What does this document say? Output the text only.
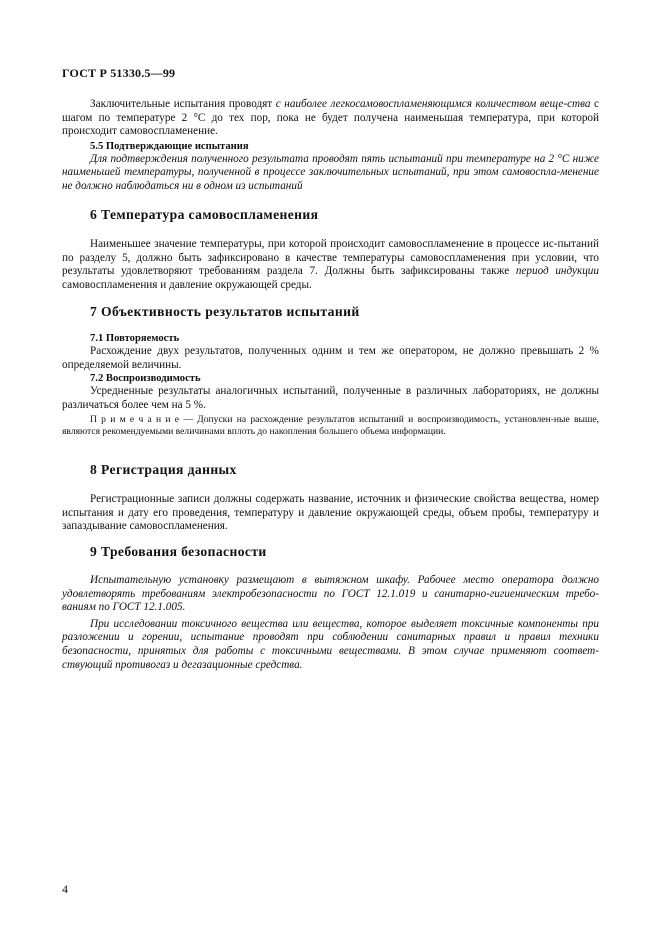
ГОСТ Р 51330.5—99

Заключительные испытания проводят с наиболее легкосамовоспламеняющимся количеством веще-ства с шагом по температуре 2 °С до тех пор, пока не будет получена наименьшая температура, при которой происходит самовоспламенение.

5.5 Подтверждающие испытания

Для подтверждения полученного результата проводят пять испытаний при температуре на 2 °С ниже наименьшей температуры, полученной в процессе заключительных испытаний, при этом самовоспла-менение не должно наблюдаться ни в одном из испытаний

6 Температура самовоспламенения

Наименьшее значение температуры, при которой происходит самовоспламенение в процессе ис-пытаний по разделу 5, должно быть зафиксировано в качестве температуры самовоспламенения при условии, что результаты удовлетворяют требованиям раздела 7. Должны быть зафиксированы также период индукции самовоспламенения и давление окружающей среды.

7 Объективность результатов испытаний

7.1 Повторяемость

Расхождение двух результатов, полученных одним и тем же оператором, не должно превышать 2 % определяемой величины.

7.2 Воспроизводимость

Усредненные результаты аналогичных испытаний, полученные в различных лабораториях, не должны различаться более чем на 5 %.

П р и м е ч а н и е — Допуски на расхождение результатов испытаний и воспроизводимость, установлен-ные выше, являются рекомендуемыми величинами вплоть до накопления большего объема информации.

8 Регистрация данных

Регистрационные записи должны содержать название, источник и физические свойства вещества, номер испытания и дату его проведения, температуру и давление окружающей среды, объем пробы, температуру и запаздывание самовоспламенения.

9 Требования безопасности

Испытательную установку размещают в вытяжном шкафу. Рабочее место оператора должно удовлетворять требованиям электробезопасности по ГОСТ 12.1.019 и санитарно-гигиеническим требо-ваниям по ГОСТ 12.1.005.

При исследовании токсичного вещества или вещества, которое выделяет токсичные компоненты при разложении и горении, испытание проводят при соблюдении санитарных правил и правил техники безопасности, принятых для работы с токсичными веществами. В этом случае применяют соответ-ствующий противогаз и дегазационные средства.

4
